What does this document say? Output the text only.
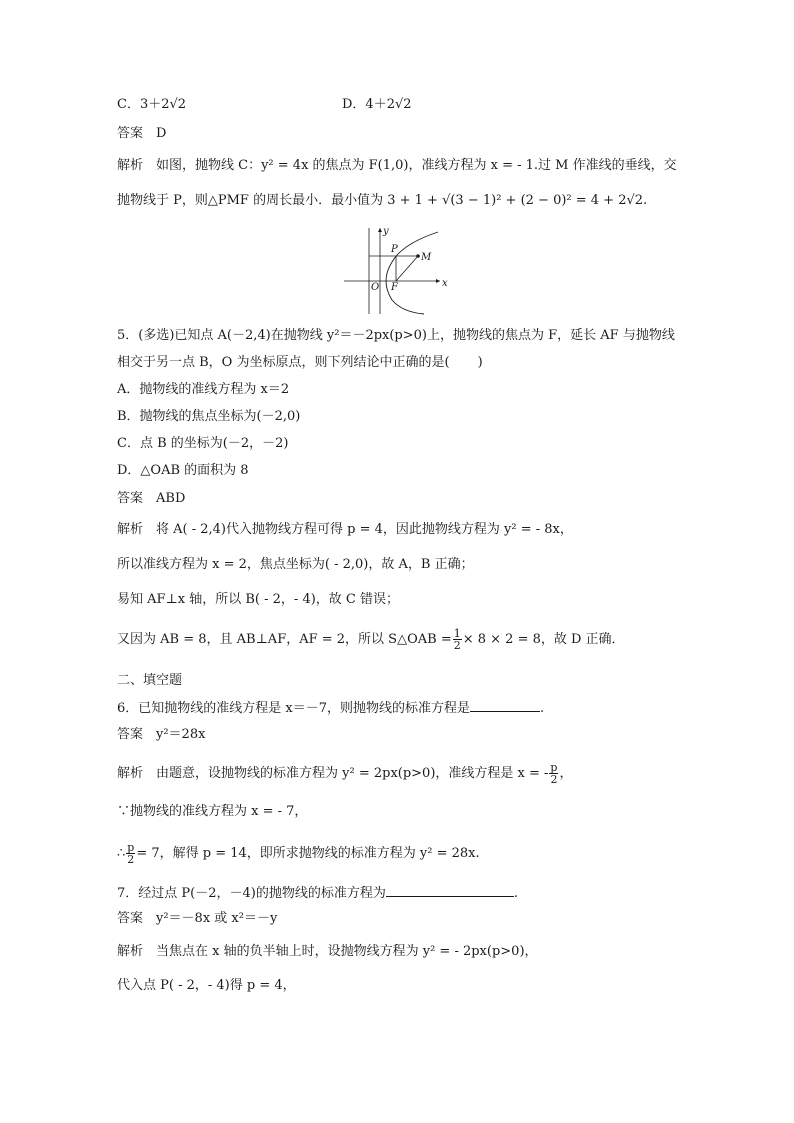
C．3＋2√2	D．4＋2√2
答案　D
解析　如图，抛物线 C：y² = 4x 的焦点为 F(1,0)，准线方程为 x = - 1.过 M 作准线的垂线，交
抛物线于 P，则△PMF 的周长最小．最小值为 3 + 1 + √(3 − 1)² + (2 − 0)² = 4 + 2√2.
y
x
O F
P
M
5．(多选)已知点 A(－2,4)在抛物线 y²＝－2px(p>0)上，抛物线的焦点为 F，延长 AF 与抛物线
相交于另一点 B，O 为坐标原点，则下列结论中正确的是( )
A．抛物线的准线方程为 x＝2
B．抛物线的焦点坐标为(－2,0)
C．点 B 的坐标为(－2，－2)
D．△OAB 的面积为 8
答案　ABD
解析　将 A( - 2,4)代入抛物线方程可得 p = 4，因此抛物线方程为 y² = - 8x，
所以准线方程为 x = 2，焦点坐标为( - 2,0)，故 A，B 正确；
易知 AF⊥x 轴，所以 B( - 2，- 4)，故 C 错误；
又因为 AB = 8，且 AB⊥AF，AF = 2，所以 S△OAB = $\frac{1}{2} \times 8 \times 2 = 8$，故 D 正确．
二、填空题
6．已知抛物线的准线方程是 x＝－7，则抛物线的标准方程是	.
答案　y²＝28x
解析　由题意，设抛物线的标准方程为 y² = 2px(p>0)，准线方程是 x = - $\frac{p}{2}$ ，
∵抛物线的准线方程为 x = - 7，
∴ $\frac{p}{2} = 7$，解得 p = 14，即所求抛物线的标准方程为 y² = 28x.
7．经过点 P(－2，－4)的抛物线的标准方程为	.
答案　y²＝－8x 或 x²＝－y
解析　当焦点在 x 轴的负半轴上时，设抛物线方程为 y² = - 2px(p>0)，
代入点 P( - 2，- 4)得 p = 4，
